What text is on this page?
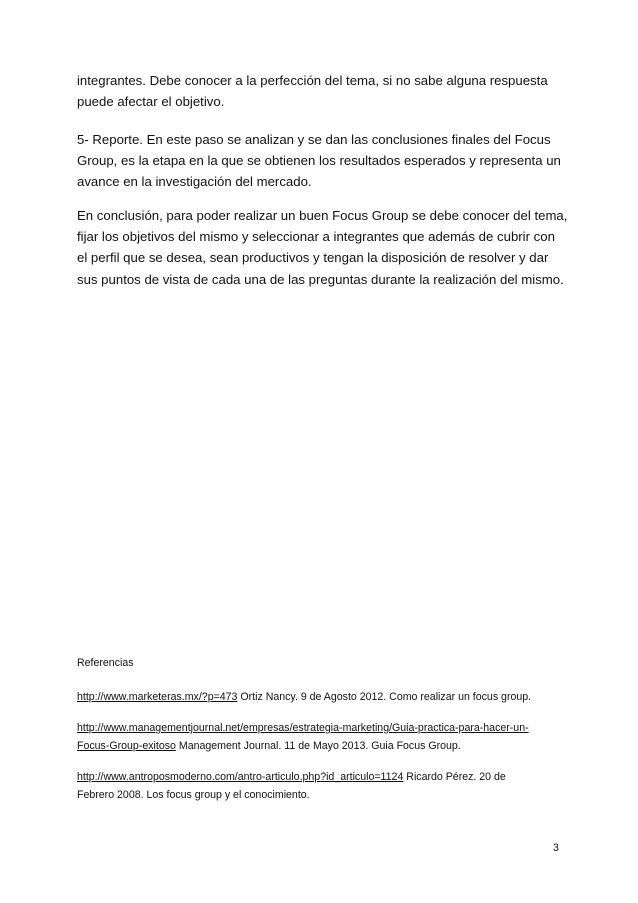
integrantes. Debe conocer a la perfección del tema, si no sabe alguna respuesta
puede afectar el objetivo.
5- Reporte. En este paso se analizan y se dan las conclusiones finales del Focus
Group, es la etapa en la que se obtienen los resultados esperados y representa un
avance en la investigación del mercado.
En conclusión, para poder realizar un buen Focus Group se debe conocer del tema,
fijar los objetivos del mismo y seleccionar a integrantes que además de cubrir con
el perfil que se desea, sean productivos y tengan la disposición de resolver y dar
sus puntos de vista de cada una de las preguntas durante la realización del mismo.
Referencias
http://www.marketeras.mx/?p=473 Ortiz Nancy. 9 de Agosto 2012. Como realizar un focus group.
http://www.managementjournal.net/empresas/estrategia-marketing/Guia-practica-para-hacer-un-
Focus-Group-exitoso Management Journal. 11 de Mayo 2013. Guia Focus Group.
http://www.antroposmoderno.com/antro-articulo.php?id_articulo=1124 Ricardo Pérez. 20 de
Febrero 2008. Los focus group y el conocimiento.
3
